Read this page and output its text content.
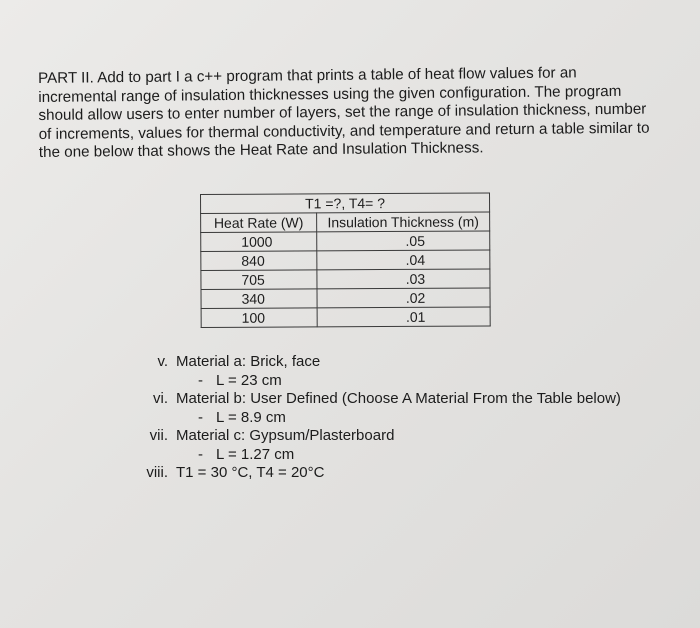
PART II. Add to part I a c++ program that prints a table of heat flow values for an

incremental range of insulation thicknesses using the given configuration. The program

should allow users to enter number of layers, set the range of insulation thickness, number

of increments, values for thermal conductivity, and temperature and return a table similar to

the one below that shows the Heat Rate and Insulation Thickness.

T1 =?, T4= ?	
Heat Rate (W)	Insulation Thickness (m)
1000	.05
840	.04
705	.03
340	.02
100	.01
v. Material a: Brick, face
- L = 23 cm
vi. Material b: User Defined (Choose A Material From the Table below)
- L = 8.9 cm
vii. Material c: Gypsum/Plasterboard
- L = 1.27 cm
viii. T1 = 30 °C, T4 = 20°C
